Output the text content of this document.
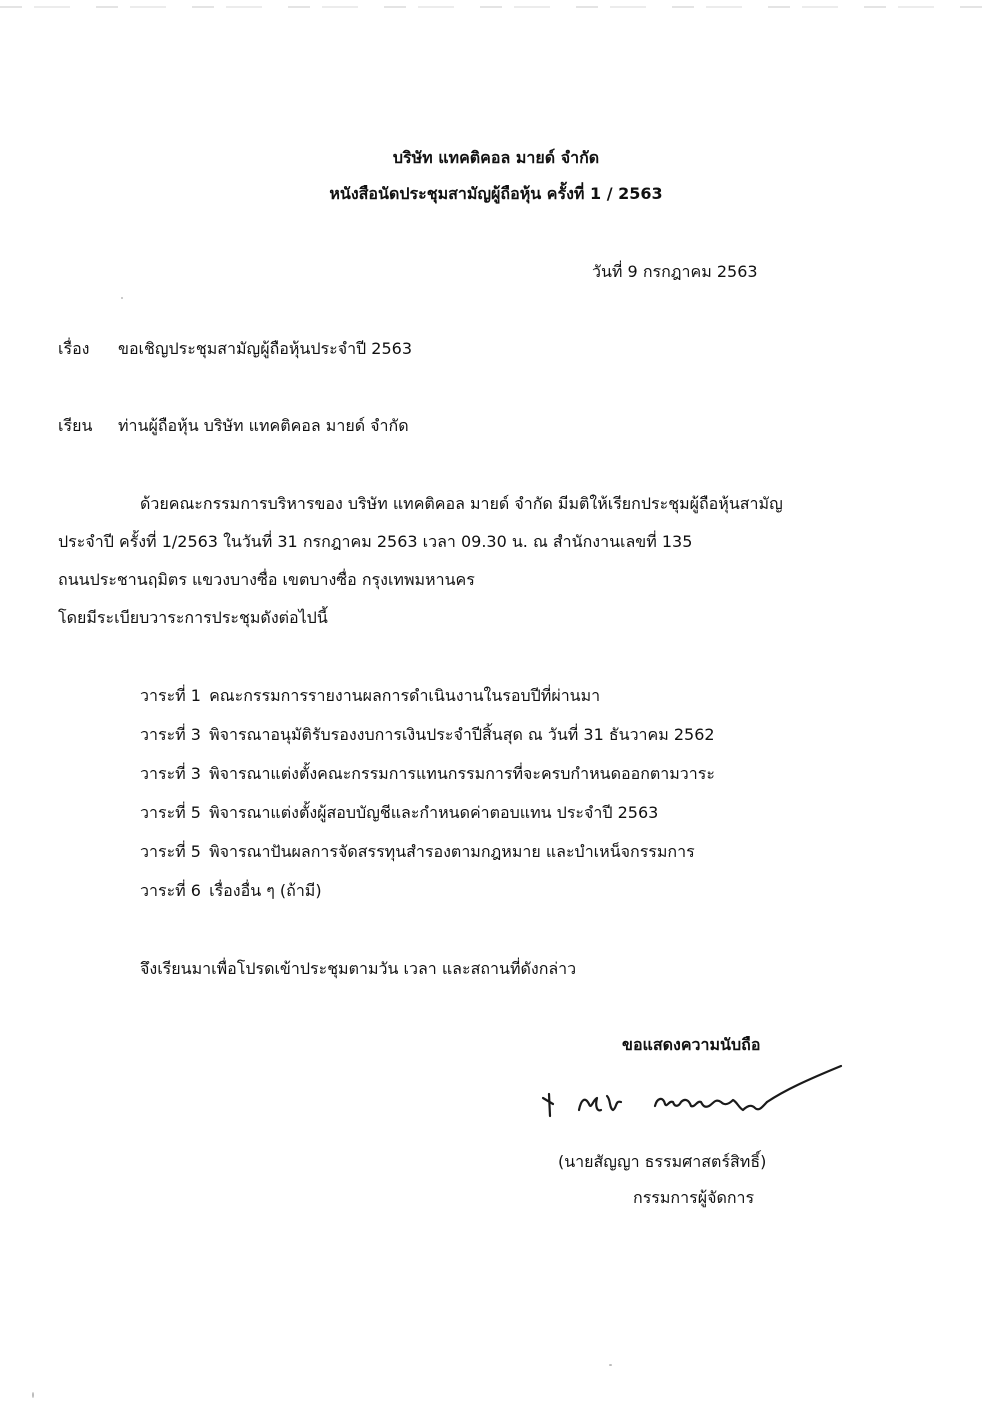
บริษัท แทคติคอล มายด์ จำกัด
หนังสือนัดประชุมสามัญผู้ถือหุ้น ครั้งที่ 1 / 2563
วันที่ 9 กรกฎาคม 2563
เรื่อง ขอเชิญประชุมสามัญผู้ถือหุ้นประจำปี 2563
เรียน ท่านผู้ถือหุ้น บริษัท แทคติคอล มายด์ จำกัด
ด้วยคณะกรรมการบริหารของ บริษัท แทคติคอล มายด์ จำกัด มีมติให้เรียกประชุมผู้ถือหุ้นสามัญ
ประจำปี ครั้งที่ 1/2563 ในวันที่ 31 กรกฎาคม 2563 เวลา 09.30 น. ณ สำนักงานเลขที่ 135
ถนนประชานฤมิตร แขวงบางซื่อ เขตบางซื่อ กรุงเทพมหานคร
โดยมีระเบียบวาระการประชุมดังต่อไปนี้
วาระที่ 1 คณะกรรมการรายงานผลการดำเนินงานในรอบปีที่ผ่านมา
วาระที่ 3 พิจารณาอนุมัติรับรองงบการเงินประจำปีสิ้นสุด ณ วันที่ 31 ธันวาคม 2562
วาระที่ 3 พิจารณาแต่งตั้งคณะกรรมการแทนกรรมการที่จะครบกำหนดออกตามวาระ
วาระที่ 5 พิจารณาแต่งตั้งผู้สอบบัญชีและกำหนดค่าตอบแทน ประจำปี 2563
วาระที่ 5 พิจารณาปันผลการจัดสรรทุนสำรองตามกฎหมาย และบำเหน็จกรรมการ
วาระที่ 6 เรื่องอื่น ๆ (ถ้ามี)
จึงเรียนมาเพื่อโปรดเข้าประชุมตามวัน เวลา และสถานที่ดังกล่าว
ขอแสดงความนับถือ
(นายสัญญา ธรรมศาสตร์สิทธิ์)
กรรมการผู้จัดการ
